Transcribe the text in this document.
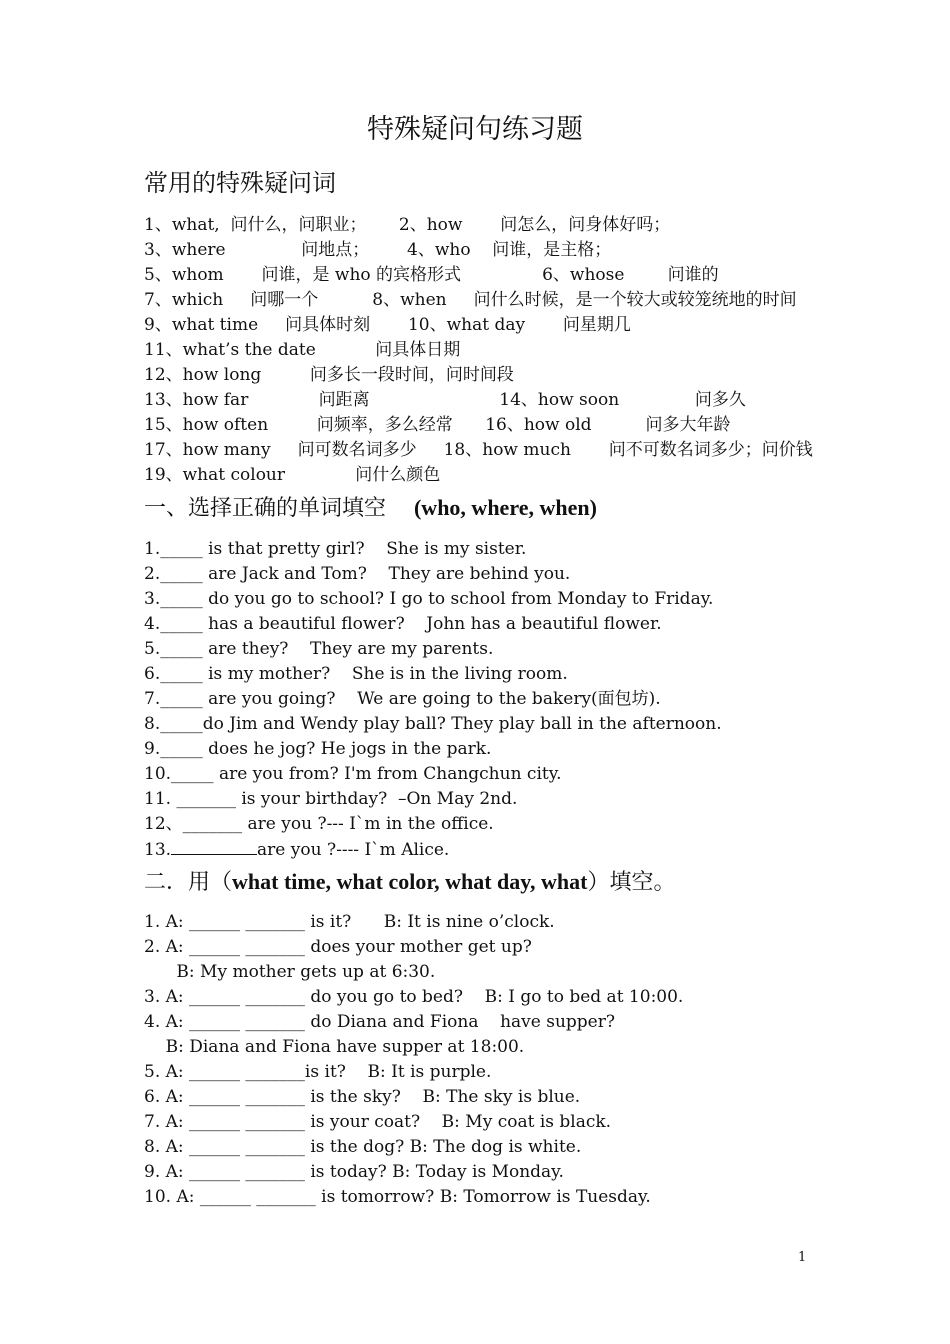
特殊疑问句练习题
常用的特殊疑问词
1、what,  问什么，问职业；      2、how       问怎么，问身体好吗；
3、where              问地点；       4、who    问谁，是主格；
5、whom       问谁，是 who 的宾格形式               6、whose        问谁的
7、which     问哪一个          8、when     问什么时候，是一个较大或较笼统地的时间
9、what time     问具体时刻       10、what day       问星期几
11、what’s the date           问具体日期
12、how long         问多长一段时间，问时间段
13、how far             问距离                        14、how soon              问多久
15、how often         问频率，多么经常      16、how old          问多大年龄
17、how many     问可数名词多少     18、how much       问不可数名词多少；问价钱
19、what colour             问什么颜色
一、选择正确的单词填空    (who, where, when)
1._____ is that pretty girl?    She is my sister.
2._____ are Jack and Tom?    They are behind you.
3._____ do you go to school? I go to school from Monday to Friday.
4._____ has a beautiful flower?    John has a beautiful flower.
5._____ are they?    They are my parents.
6._____ is my mother?    She is in the living room.
7._____ are you going?    We are going to the bakery(面包坊).
8._____do Jim and Wendy play ball? They play ball in the afternoon.
9._____ does he jog? He jogs in the park.
10._____ are you from? I'm from Changchun city.
11. _______ is your birthday?  –On May 2nd.
12、_______ are you ?--- I`m in the office.
13.	are you ?---- I`m Alice.
二．用（what time, what color, what day, what）填空。
1. A: ______ _______ is it?      B: It is nine o’clock.
2. A: ______ _______ does your mother get up?
B: My mother gets up at 6:30.
3. A: ______ _______ do you go to bed?    B: I go to bed at 10:00.
4. A: ______ _______ do Diana and Fiona    have supper?
B: Diana and Fiona have supper at 18:00.
5. A: ______ _______is it?    B: It is purple.
6. A: ______ _______ is the sky?    B: The sky is blue.
7. A: ______ _______ is your coat?    B: My coat is black.
8. A: ______ _______ is the dog? B: The dog is white.
9. A: ______ _______ is today? B: Today is Monday.
10. A: ______ _______ is tomorrow? B: Tomorrow is Tuesday.
1
